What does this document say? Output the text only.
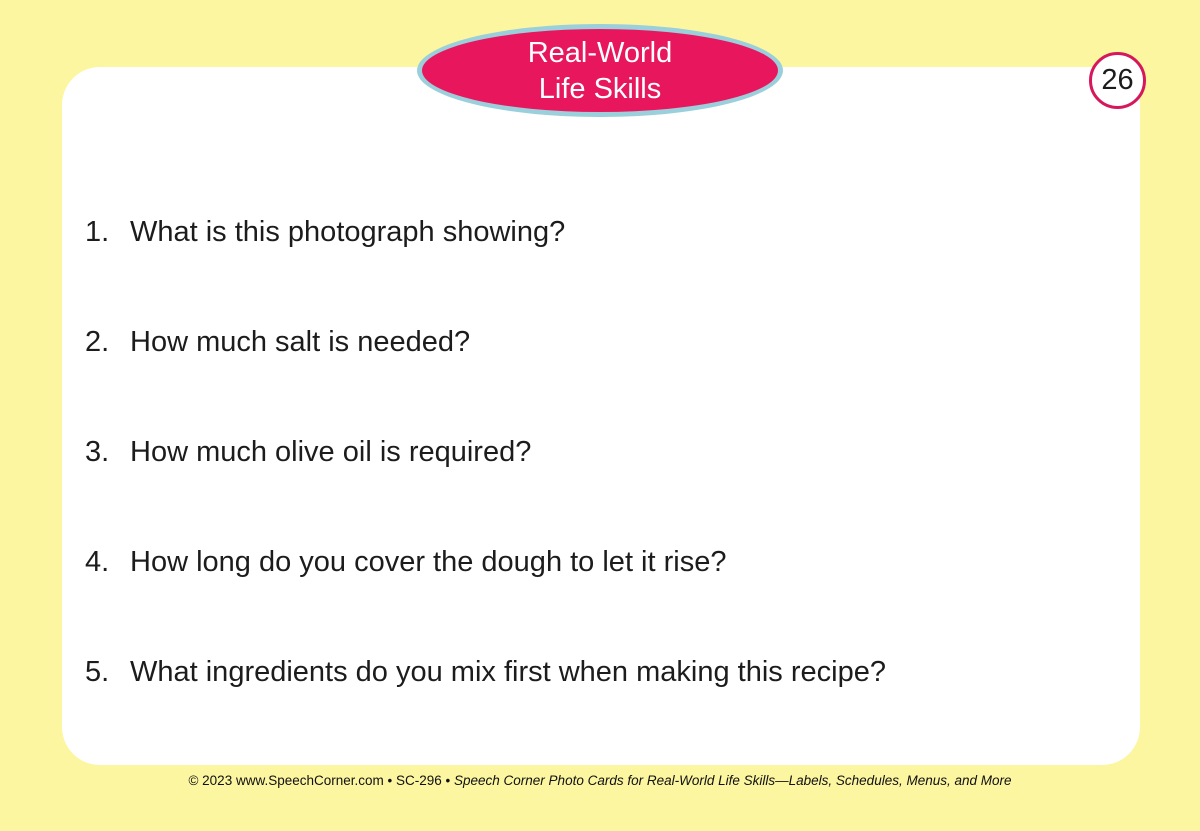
1. What is this photograph showing?
2. How much salt is needed?
3. How much olive oil is required?
4. How long do you cover the dough to let it rise?
5. What ingredients do you mix first when making this recipe?
Real-World
Life Skills	26
© 2023 www.SpeechCorner.com • SC-296 • Speech Corner Photo Cards for Real-World Life Skills—Labels, Schedules, Menus, and More
